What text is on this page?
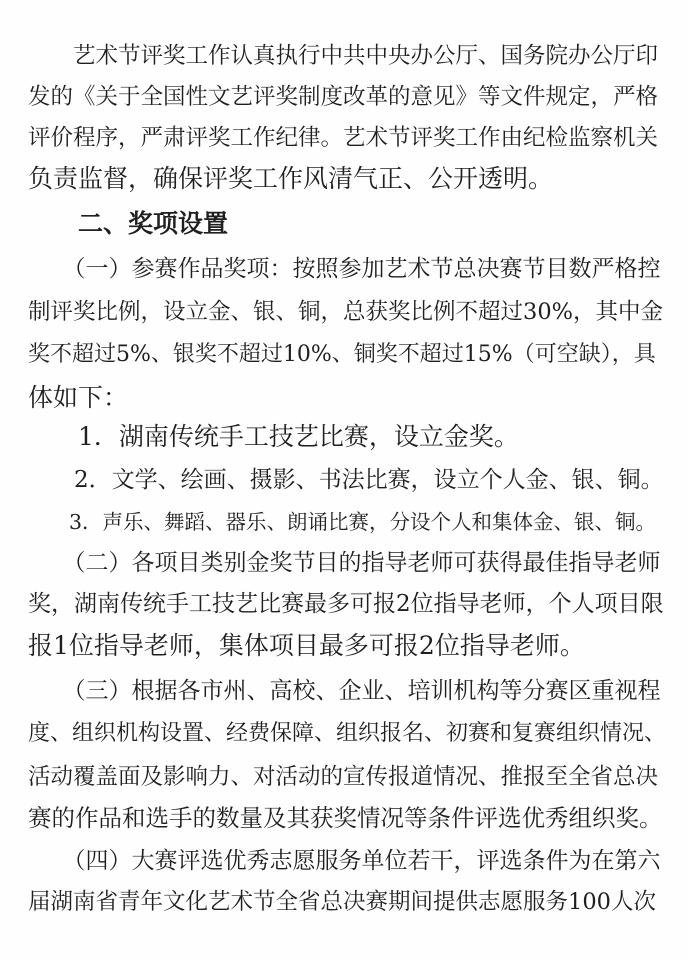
　　艺术节评奖工作认真执行中共中央办公厅、国务院办公厅印
发的《关于全国性文艺评奖制度改革的意见》等文件规定，严格
评价程序，严肃评奖工作纪律。艺术节评奖工作由纪检监察机关
负责监督，确保评奖工作风清气正、公开透明。
　　二、奖项设置
　　（一）参赛作品奖项：按照参加艺术节总决赛节目数严格控
制评奖比例，设立金、银、铜，总获奖比例不超过30%，其中金
奖不超过5%、银奖不超过10%、铜奖不超过15%（可空缺），具
体如下：
　　1．湖南传统手工技艺比赛，设立金奖。
　　2．文学、绘画、摄影、书法比赛，设立个人金、银、铜。
　　3．声乐、舞蹈、器乐、朗诵比赛，分设个人和集体金、银、铜。
　　（二）各项目类别金奖节目的指导老师可获得最佳指导老师
奖，湖南传统手工技艺比赛最多可报2位指导老师，个人项目限
报1位指导老师，集体项目最多可报2位指导老师。
　　（三）根据各市州、高校、企业、培训机构等分赛区重视程
度、组织机构设置、经费保障、组织报名、初赛和复赛组织情况、
活动覆盖面及影响力、对活动的宣传报道情况、推报至全省总决
赛的作品和选手的数量及其获奖情况等条件评选优秀组织奖。
　　（四）大赛评选优秀志愿服务单位若干，评选条件为在第六
届湖南省青年文化艺术节全省总决赛期间提供志愿服务100人次
